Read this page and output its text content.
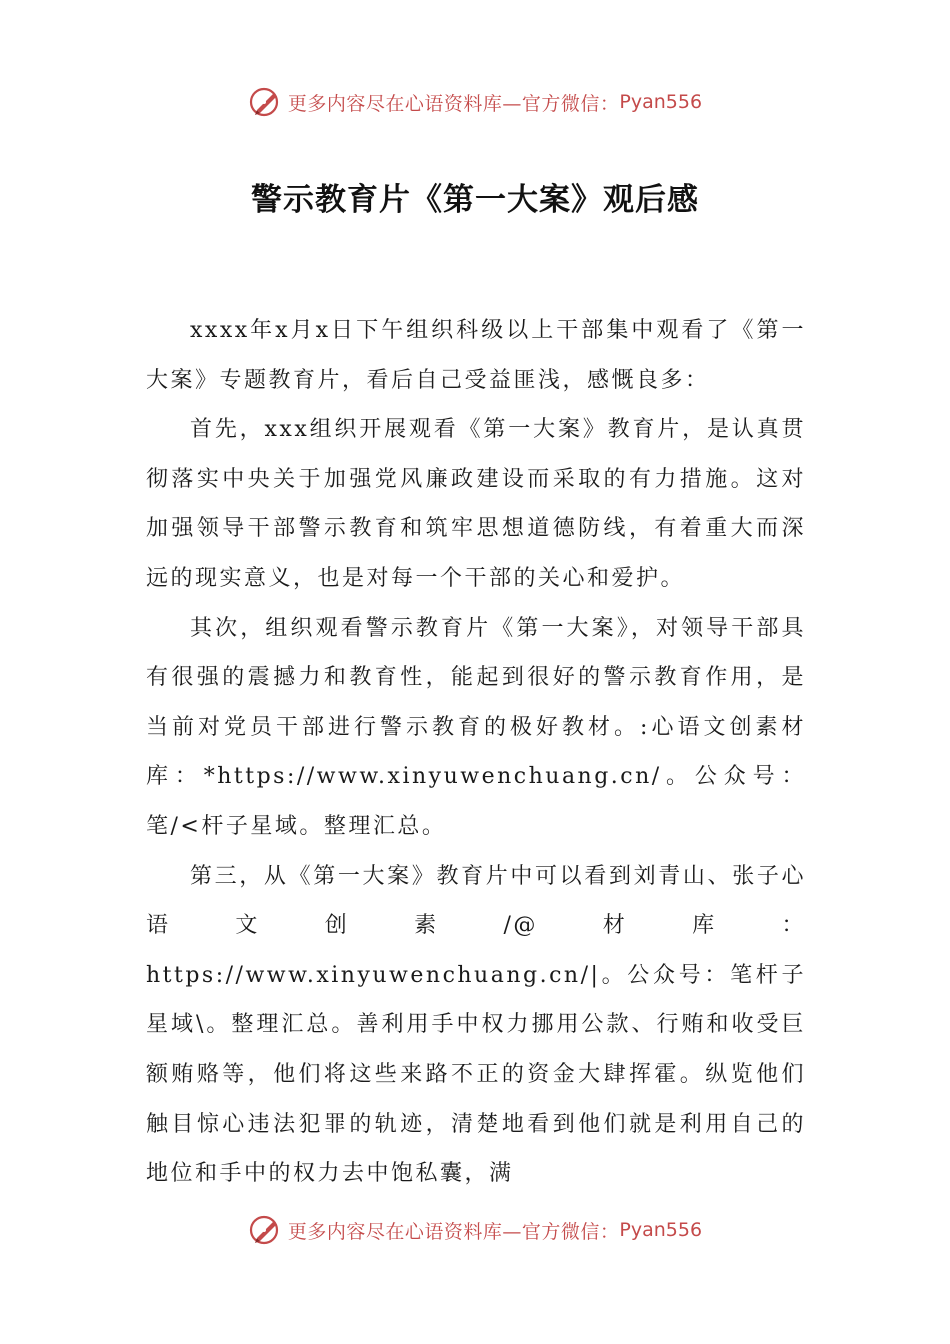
更多内容尽在心语资料库—官方微信： Pyan556
警示教育片《第一大案》观后感

xxxx年x月x日下午组织科级以上干部集中观看了《第一大案》专题教育片，看后自己受益匪浅，感慨良多：

首先，xxx组织开展观看《第一大案》教育片，是认真贯彻落实中央关于加强党风廉政建设而采取的有力措施。这对加强领导干部警示教育和筑牢思想道德防线，有着重大而深远的现实意义，也是对每一个干部的关心和爱护。

其次，组织观看警示教育片《第一大案》，对领导干部具有很强的震撼力和教育性，能起到很好的警示教育作用，是当前对党员干部进行警示教育的极好教材。:心语文创素材库：*https://www.xinyuwenchuang.cn/。公众号：笔/<杆子星域。整理汇总。

第三，从《第一大案》教育片中可以看到刘青山、张子心语文创素/@材库：https://www.xinyuwenchuang.cn/|。公众号：笔杆子星域\。整理汇总。善利用手中权力挪用公款、行贿和收受巨额贿赂等，他们将这些来路不正的资金大肆挥霍。纵览他们触目惊心违法犯罪的轨迹，清楚地看到他们就是利用自己的地位和手中的权力去中饱私囊，满

更多内容尽在心语资料库—官方微信： Pyan556
